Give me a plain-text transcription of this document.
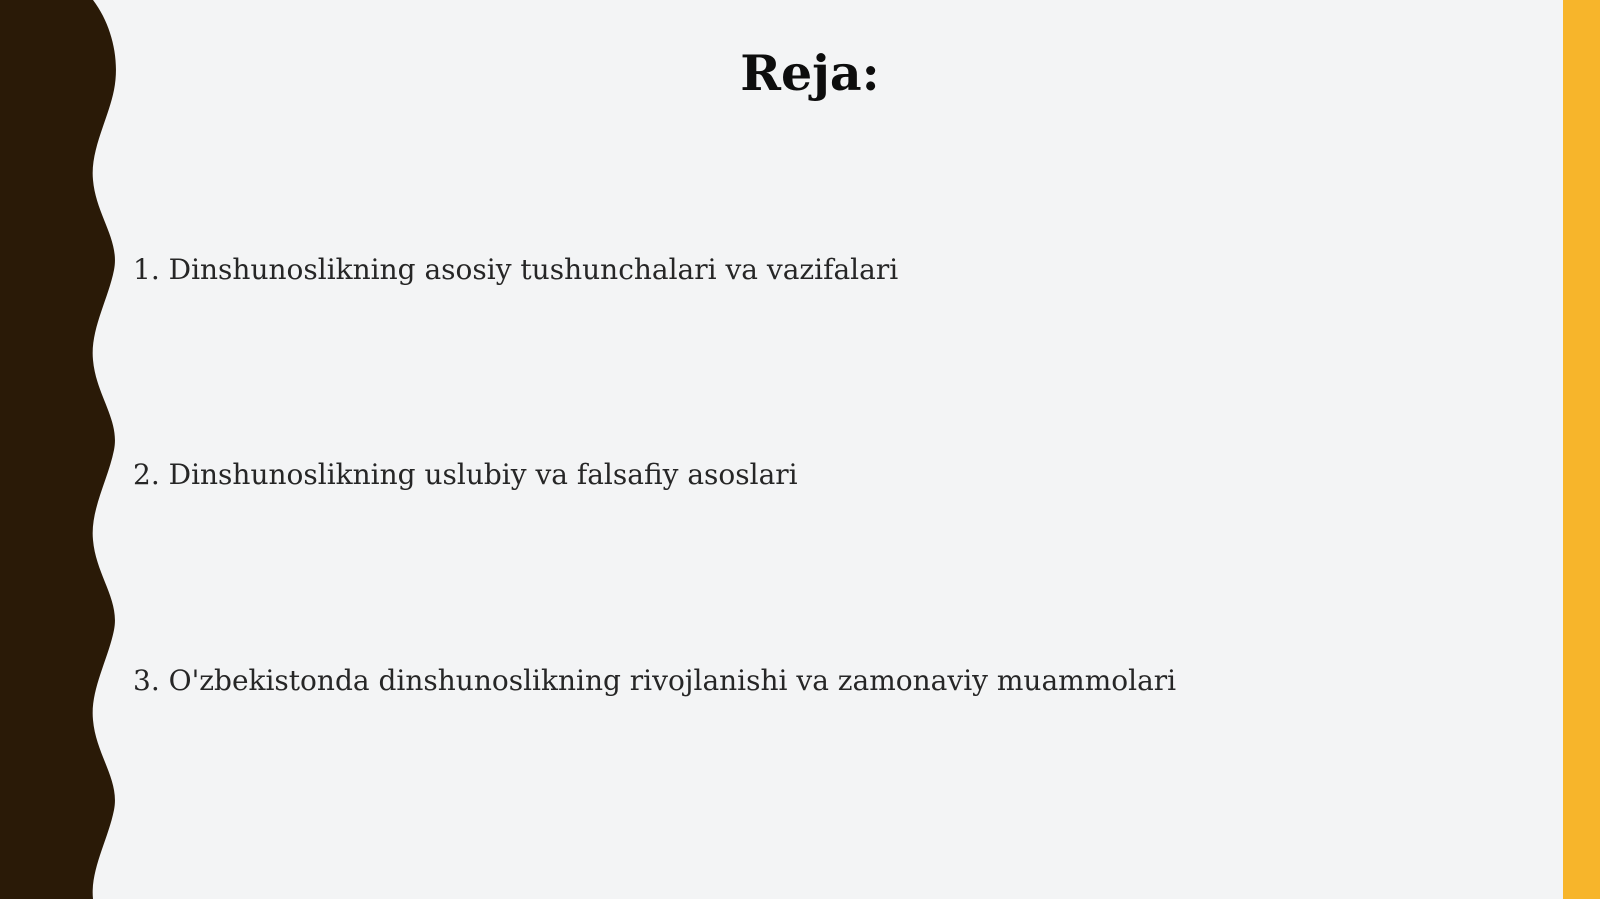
Reja:

1. Dinshunoslikning asosiy tushunchalari va vazifalari

2. Dinshunoslikning uslubiy va falsafiy asoslari

3. O'zbekistonda dinshunoslikning rivojlanishi va zamonaviy muammolari
